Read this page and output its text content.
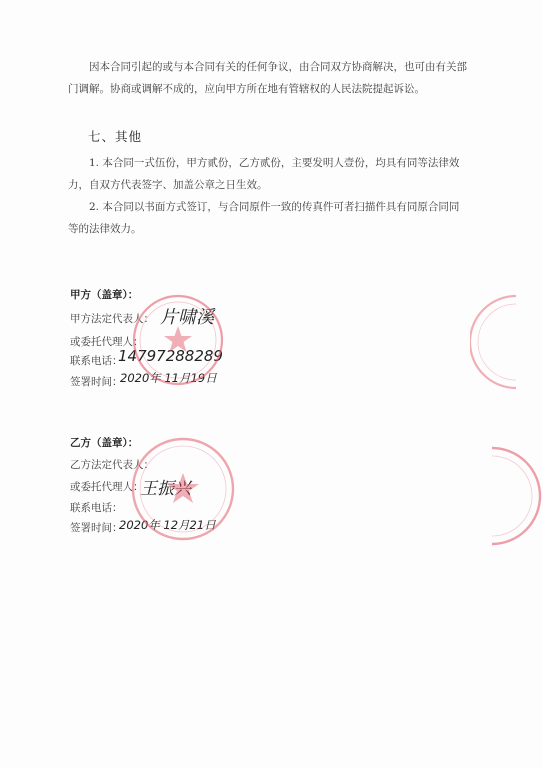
因本合同引起的或与本合同有关的任何争议，由合同双方协商解决，也可由有关部门调解。协商或调解不成的，应向甲方所在地有管辖权的人民法院提起诉讼。
七、其他
1. 本合同一式伍份，甲方贰份，乙方贰份，主要发明人壹份，均具有同等法律效力，自双方代表签字、加盖公章之日生效。
2. 本合同以书面方式签订，与合同原件一致的传真件可者扫描件具有同原合同同等的法律效力。
甲方（盖章）：
甲方法定代表人： 片啸溪
或委托代理人：
联系电话：
14797288289
签署时间：
2020年 11月19日
乙方（盖章）：
乙方法定代表人：
或委托代理人：
王振兴
联系电话：
签署时间：
2020年 12月21日
